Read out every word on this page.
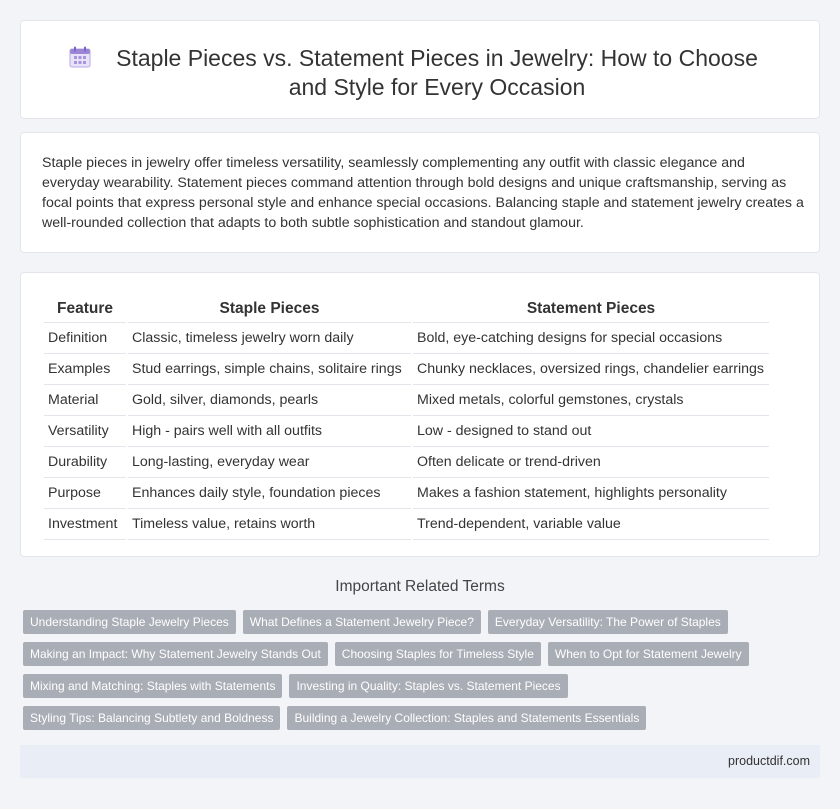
Staple Pieces vs. Statement Pieces in Jewelry: How to Choose and Style for Every Occasion

Staple pieces in jewelry offer timeless versatility, seamlessly complementing any outfit with classic elegance and everyday wearability. Statement pieces command attention through bold designs and unique craftsmanship, serving as focal points that express personal style and enhance special occasions. Balancing staple and statement jewelry creates a well-rounded collection that adapts to both subtle sophistication and standout glamour.

Feature	Staple Pieces	Statement Pieces
Definition	Classic, timeless jewelry worn daily	Bold, eye-catching designs for special occasions
Examples	Stud earrings, simple chains, solitaire rings	Chunky necklaces, oversized rings, chandelier earrings
Material	Gold, silver, diamonds, pearls	Mixed metals, colorful gemstones, crystals
Versatility	High - pairs well with all outfits	Low - designed to stand out
Durability	Long-lasting, everyday wear	Often delicate or trend-driven
Purpose	Enhances daily style, foundation pieces	Makes a fashion statement, highlights personality
Investment	Timeless value, retains worth	Trend-dependent, variable value
Important Related Terms
Understanding Staple Jewelry Pieces	What Defines a Statement Jewelry Piece?	Everyday Versatility: The Power of Staples
Making an Impact: Why Statement Jewelry Stands Out	Choosing Staples for Timeless Style	When to Opt for Statement Jewelry
Mixing and Matching: Staples with Statements	Investing in Quality: Staples vs. Statement Pieces
Styling Tips: Balancing Subtlety and Boldness	Building a Jewelry Collection: Staples and Statements Essentials
productdif.com
